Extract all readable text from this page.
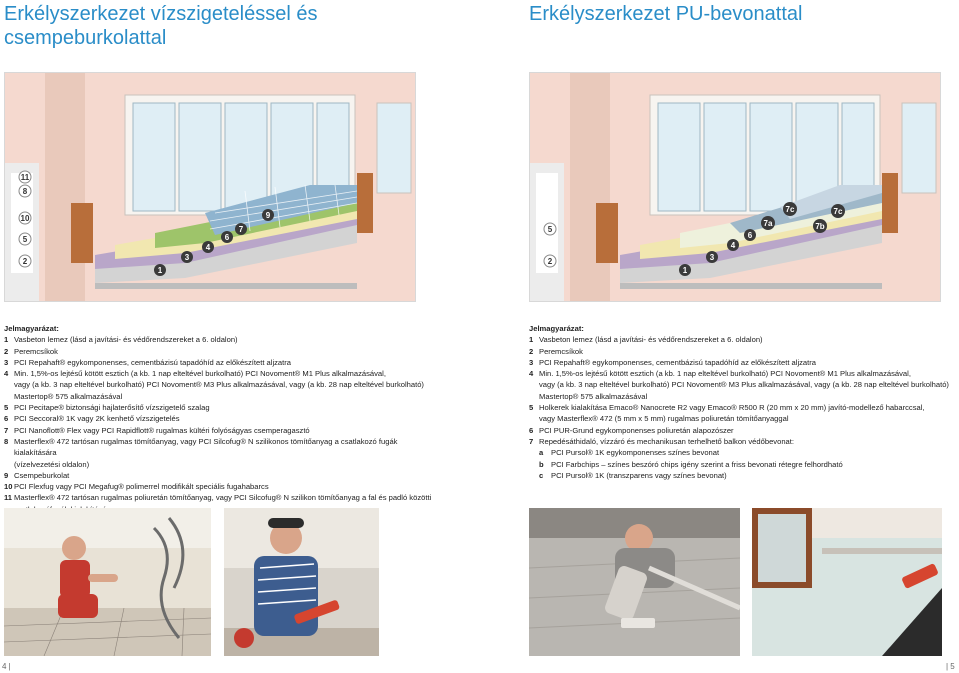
Erkélyszerkezet vízszigeteléssel és csempeburkolattal
Erkélyszerkezet PU-bevonattal
11
8
10
5
2
1
3
4
6
7
9
5
2
1
3
4
6
7a	7b
7c	7c
Jelmagyarázat:
1 Vasbeton lemez (lásd a javítási- és védőrendszereket a 6. oldalon)
2 Peremcsíkok
3 PCI Repahaft® egykomponenses, cementbázisú tapadóhíd az előkészített aljzatra
4 Min. 1,5%-os lejtésű kötött esztich (a kb. 1 nap elteltével burkolható) PCI Novoment® M1 Plus alkalmazásával,
vagy (a kb. 3 nap elteltével burkolható) PCI Novoment® M3 Plus alkalmazásával, vagy (a kb. 28 nap elteltével burkolható)
Mastertop® 575 alkalmazásával
5 PCI Pecitape® biztonsági hajlaterősítő vízszigetelő szalag
6 PCI Seccoral® 1K vagy 2K kenhető vízszigetelés
7 PCI Nanoflott® Flex vagy PCI Rapidflott® rugalmas kültéri folyóságyas csemperagasztó
8 Masterflex® 472 tartósan rugalmas tömítőanyag, vagy PCI Silcofug® N szilikonos tömítőanyag a csatlakozó fugák kialakítására
(vízelvezetési oldalon)
9 Csempeburkolat
10 PCI Flexfug vagy PCI Megafug® polimerrel modifikált speciális fugahabarcs
11 Masterflex® 472 tartósan rugalmas poliuretán tömítőanyag, vagy PCI Silcofug® N szilikon tömítőanyag a fal és padló közötti
Jelmagyarázat:
1 Vasbeton lemez (lásd a javítási- és védőrendszereket a 6. oldalon)
2 Peremcsíkok
3 PCI Repahaft® egykomponenses, cementbázisú tapadóhíd az előkészített aljzatra
4 Min. 1,5%-os lejtésű kötött esztich (a kb. 1 nap elteltével burkolható) PCI Novoment® M1 Plus alkalmazásával,
vagy (a kb. 3 nap elteltével burkolható) PCI Novoment® M3 Plus alkalmazásával, vagy (a kb. 28 nap elteltével burkolható)
Mastertop® 575 alkalmazásával
5 Holkerek kialakítása Emaco® Nanocrete R2 vagy Emaco® R500 R (20 mm x 20 mm) javító-modellező habarccsal,
vagy Masterflex® 472 (5 mm x 5 mm) rugalmas poliuretán tömítőanyaggal
6 PCI PUR-Grund egykomponenses poliuretán alapozószer
7 Repedésáthidaló, vízzáró és mechanikusan terhelhető balkon védőbevonat:
a	PCI Pursol® 1K egykomponenses színes bevonat
b PCI Farbchips – színes beszóró chips igény szerint a friss bevonati rétegre felhordható
c	PCI Pursol® 1K (transzparens vagy színes bevonat)
4 |	| 5
